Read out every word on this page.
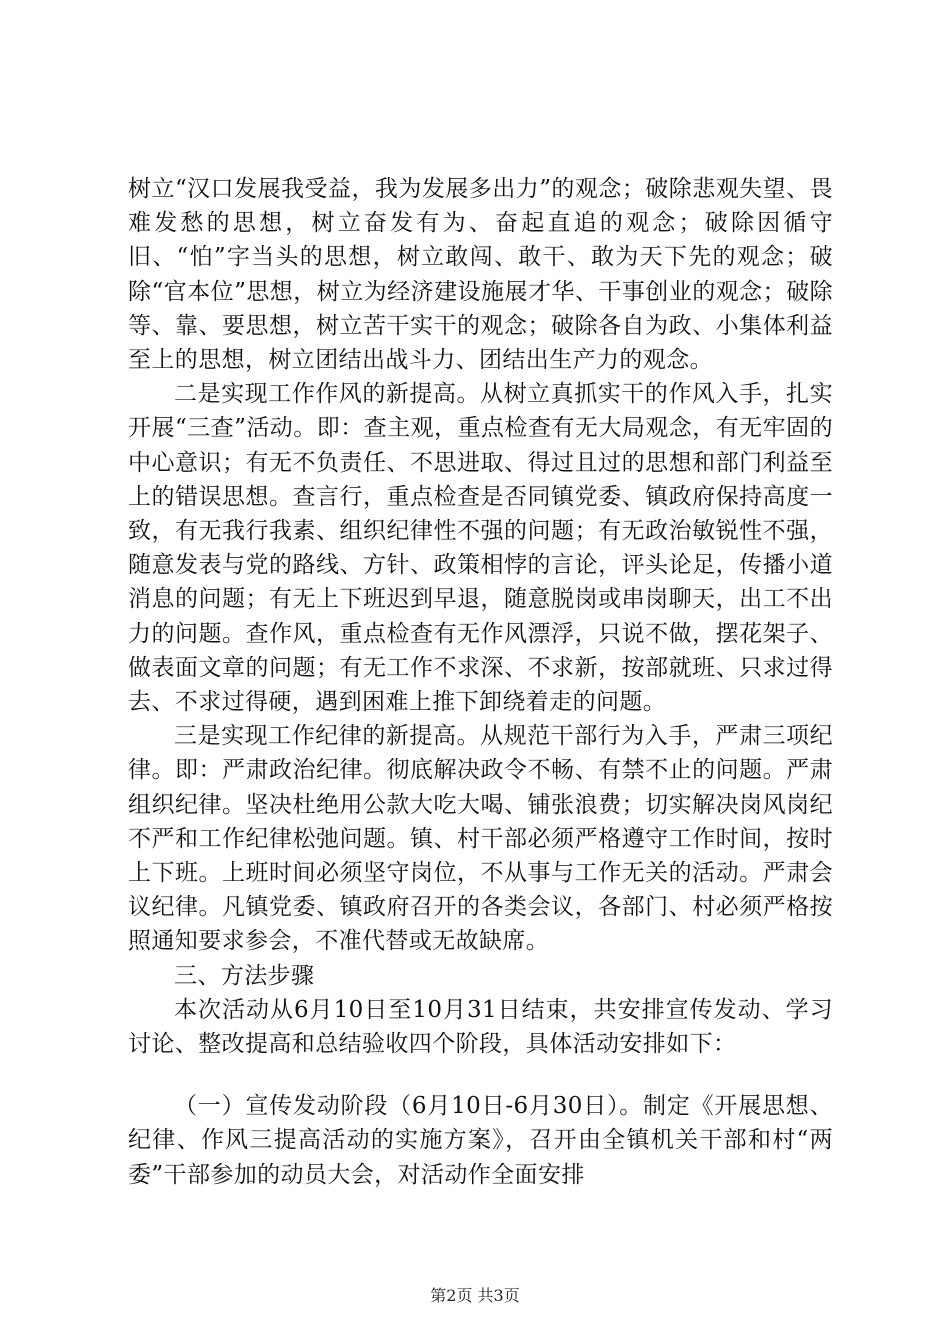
树立“汉口发展我受益，我为发展多出力”的观念；破除悲观失望、畏难发愁的思想，树立奋发有为、奋起直追的观念；破除因循守旧、“怕”字当头的思想，树立敢闯、敢干、敢为天下先的观念；破除“官本位”思想，树立为经济建设施展才华、干事创业的观念；破除等、靠、要思想，树立苦干实干的观念；破除各自为政、小集体利益至上的思想，树立团结出战斗力、团结出生产力的观念。

二是实现工作作风的新提高。从树立真抓实干的作风入手，扎实开展“三查”活动。即：查主观，重点检查有无大局观念，有无牢固的中心意识；有无不负责任、不思进取、得过且过的思想和部门利益至上的错误思想。查言行，重点检查是否同镇党委、镇政府保持高度一致，有无我行我素、组织纪律性不强的问题；有无政治敏锐性不强，随意发表与党的路线、方针、政策相悖的言论，评头论足，传播小道消息的问题；有无上下班迟到早退，随意脱岗或串岗聊天，出工不出力的问题。查作风，重点检查有无作风漂浮，只说不做，摆花架子、做表面文章的问题；有无工作不求深、不求新，按部就班、只求过得去、不求过得硬，遇到困难上推下卸绕着走的问题。

三是实现工作纪律的新提高。从规范干部行为入手，严肃三项纪律。即：严肃政治纪律。彻底解决政令不畅、有禁不止的问题。严肃组织纪律。坚决杜绝用公款大吃大喝、铺张浪费；切实解决岗风岗纪不严和工作纪律松弛问题。镇、村干部必须严格遵守工作时间，按时上下班。上班时间必须坚守岗位，不从事与工作无关的活动。严肃会议纪律。凡镇党委、镇政府召开的各类会议，各部门、村必须严格按照通知要求参会，不准代替或无故缺席。

三、方法步骤

本次活动从6月10日至10月31日结束，共安排宣传发动、学习讨论、整改提高和总结验收四个阶段，具体活动安排如下：

（一）宣传发动阶段（6月10日-6月30日）。制定《开展思想、纪律、作风三提高活动的实施方案》，召开由全镇机关干部和村“两委”干部参加的动员大会，对活动作全面安排

第2页 共3页
